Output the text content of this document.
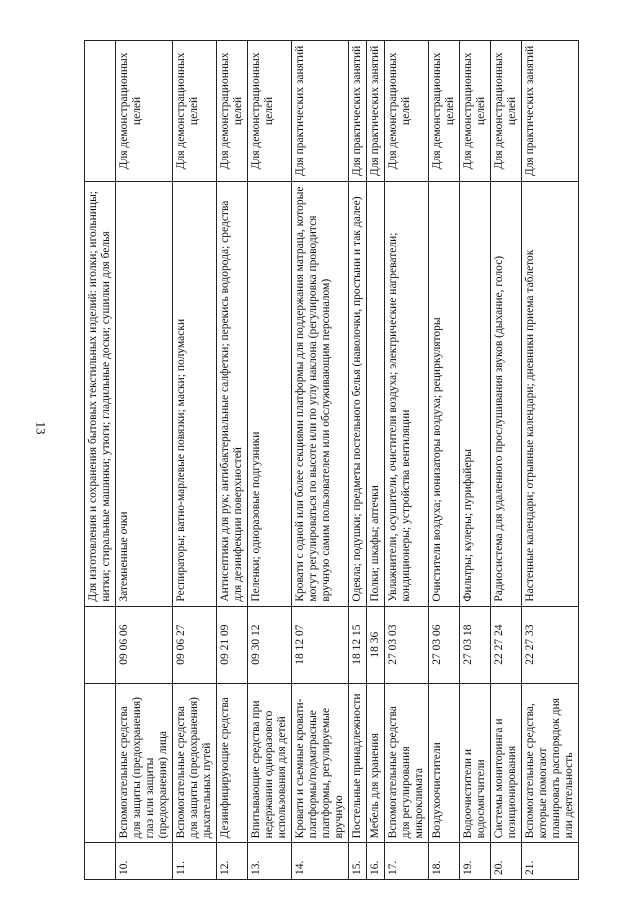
13
				Для изготовления и сохранения бытовых текстильных изделий: иголки; игольницы; нитки; стиральные машинки; утюги; гладильные доски; сушилки для белья	
10.	Вспомогательные средства для защиты (предохранения) глаз или защиты (предохранения) лица	09 06 06	Затемненные очки	Для демонстрационных целей
11.	Вспомогательные средства для защиты (предохранения) дыхательных путей	09 06 27	Респираторы; ватно-марлевые повязки; маски; полумаски	Для демонстрационных целей
12.	Дезинфицирующие средства	09 21 09	Антисептики для рук; антибактериальные салфетки; перекись водорода; средства для дезинфекции поверхностей	Для демонстрационных целей
13.	Впитывающие средства при недержании одноразового использования для детей	09 30 12	Пеленки; одноразовые подгузники	Для демонстрационных целей
14.	Кровати и съемные кровати-платформы/подматрасные платформы, регулируемые вручную	18 12 07	Кровати с одной или более секциями платформы для поддержания матраца, которые могут регулироваться по высоте или по углу наклона (регулировка проводится вручную самим пользователем или обслуживающим персоналом)	Для практических занятий
15.	Постельные принадлежности	18 12 15	Одеяла; подушки; предметы постельного белья (наволочки, простыни и так далее)	Для практических занятий
16.	Мебель для хранения	18 36	Полки; шкафы; аптечки	Для практических занятий
17.	Вспомогательные средства для регулирования микроклимата	27 03 03	Увлажнители, осушители, очистители воздуха; электрические нагреватели; кондиционеры; устройства вентиляции	Для демонстрационных целей
18.	Воздухоочистители	27 03 06	Очистители воздуха; ионизаторы воздуха; рециркуляторы	Для демонстрационных целей
19.	Водоочистители и водосмягчители	27 03 18	Фильтры; кулеры; пурифайеры	Для демонстрационных целей
20.	Системы мониторинга и позиционирования	22 27 24	Радиосистема для удаленного прослушивания звуков (дыхание, голос)	Для демонстрационных целей
21.	Вспомогательные средства, которые помогают планировать распорядок дня или деятельность	22 27 33	Настенные календари; отрывные календари; дневники приема таблеток	Для практических занятий
